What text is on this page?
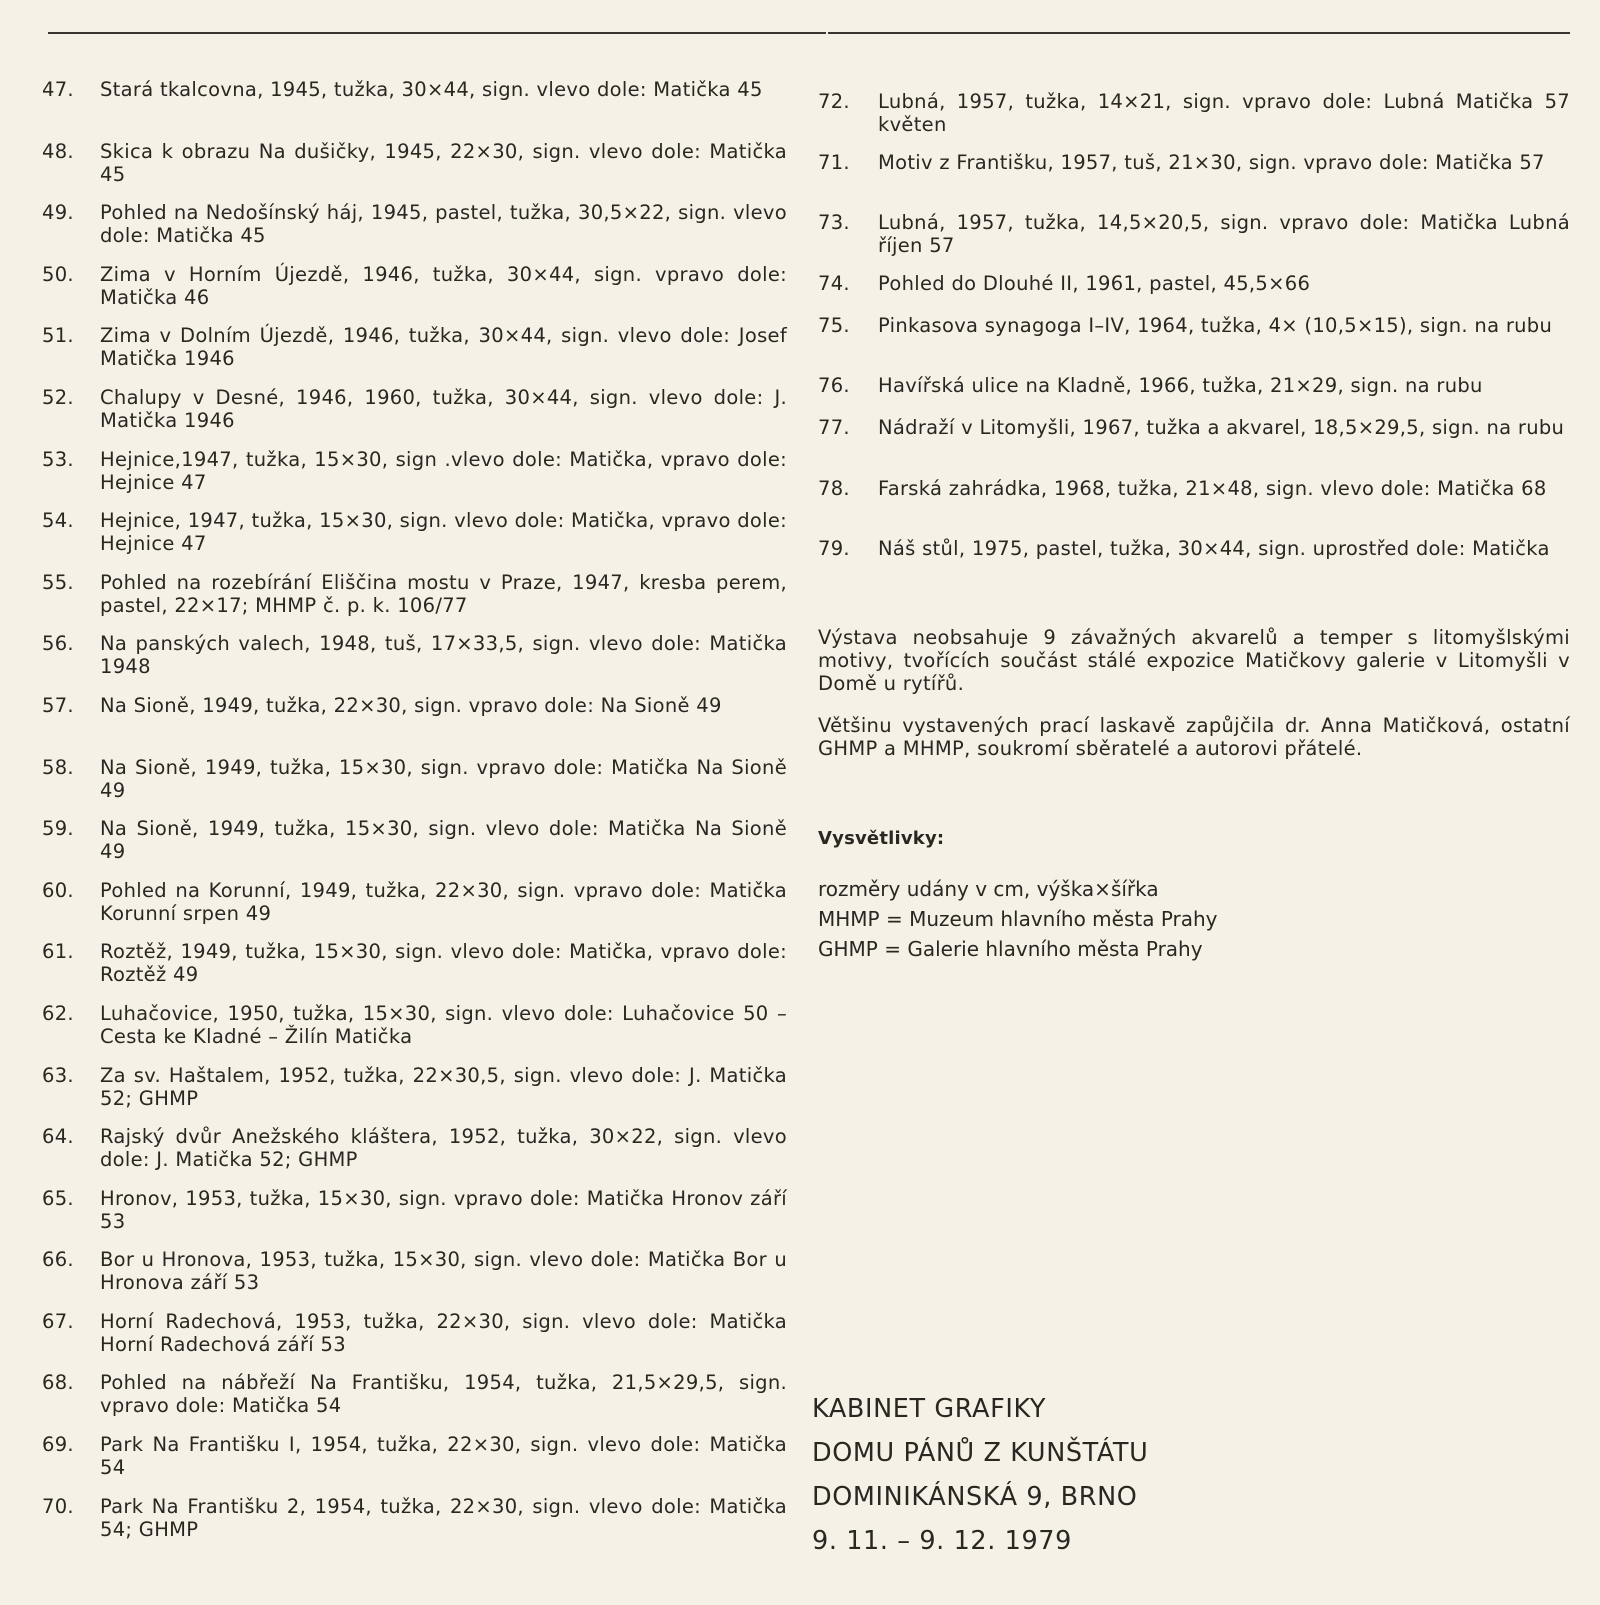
47.	Stará tkalcovna, 1945, tužka, 30×44, sign. vlevo dole: Matička 45
48.	Skica k obrazu Na dušičky, 1945, 22×30, sign. vlevo dole: Matička 45
49.	Pohled na Nedošínský háj, 1945, pastel, tužka, 30,5×22, sign. vlevo dole: Matička 45
50.	Zima v Horním Újezdě, 1946, tužka, 30×44, sign. vpravo dole: Matička 46
51.	Zima v Dolním Újezdě, 1946, tužka, 30×44, sign. vlevo dole: Josef Matička 1946
52.	Chalupy v Desné, 1946, 1960, tužka, 30×44, sign. vlevo dole: J. Matička 1946
53.	Hejnice,1947, tužka, 15×30, sign .vlevo dole: Matička, vpravo dole: Hejnice 47
54.	Hejnice, 1947, tužka, 15×30, sign. vlevo dole: Matička, vpravo dole: Hejnice 47
55.	Pohled na rozebírání Eliščina mostu v Praze, 1947, kresba perem, pastel, 22×17; MHMP č. p. k. 106/77
56.	Na panských valech, 1948, tuš, 17×33,5, sign. vlevo dole: Matička 1948
57.	Na Sioně, 1949, tužka, 22×30, sign. vpravo dole: Na Sioně 49
58.	Na Sioně, 1949, tužka, 15×30, sign. vpravo dole: Matička Na Sioně 49
59.	Na Sioně, 1949, tužka, 15×30, sign. vlevo dole: Matička Na Sioně 49
60.	Pohled na Korunní, 1949, tužka, 22×30, sign. vpravo dole: Matička Korunní srpen 49
61.	Roztěž, 1949, tužka, 15×30, sign. vlevo dole: Matička, vpravo dole: Roztěž 49
62.	Luhačovice, 1950, tužka, 15×30, sign. vlevo dole: Luhačovice 50 – Cesta ke Kladné – Žilín Matička
63.	Za sv. Haštalem, 1952, tužka, 22×30,5, sign. vlevo dole: J. Matička 52; GHMP
64.	Rajský dvůr Anežského kláštera, 1952, tužka, 30×22, sign. vlevo dole: J. Matička 52; GHMP
65.	Hronov, 1953, tužka, 15×30, sign. vpravo dole: Matička Hronov září 53
66.	Bor u Hronova, 1953, tužka, 15×30, sign. vlevo dole: Matička Bor u Hronova září 53
67.	Horní Radechová, 1953, tužka, 22×30, sign. vlevo dole: Matička Horní Radechová září 53
68.	Pohled na nábřeží Na Františku, 1954, tužka, 21,5×29,5, sign. vpravo dole: Matička 54
69.	Park Na Františku I, 1954, tužka, 22×30, sign. vlevo dole: Matička 54
70.	Park Na Františku 2, 1954, tužka, 22×30, sign. vlevo dole: Matička 54; GHMP
72.	Lubná, 1957, tužka, 14×21, sign. vpravo dole: Lubná Matička 57 květen
71.	Motiv z Františku, 1957, tuš, 21×30, sign. vpravo dole: Matička 57
73.	Lubná, 1957, tužka, 14,5×20,5, sign. vpravo dole: Matička Lubná říjen 57
74.	Pohled do Dlouhé II, 1961, pastel, 45,5×66
75.	Pinkasova synagoga I–IV, 1964, tužka, 4× (10,5×15), sign. na rubu
76.	Havířská ulice na Kladně, 1966, tužka, 21×29, sign. na rubu
77.	Nádraží v Litomyšli, 1967, tužka a akvarel, 18,5×29,5, sign. na rubu
78.	Farská zahrádka, 1968, tužka, 21×48, sign. vlevo dole: Matička 68
79.	Náš stůl, 1975, pastel, tužka, 30×44, sign. uprostřed dole: Matička
Výstava neobsahuje 9 závažných akvarelů a temper s litomyšlskými motivy, tvořících součást stálé expozice Matičkovy galerie v Litomyšli v Domě u rytířů.
Většinu vystavených prací laskavě zapůjčila dr. Anna Matičková, ostatní GHMP a MHMP, soukromí sběratelé a autorovi přátelé.
Vysvětlivky:
rozměry udány v cm, výška×šířka
MHMP = Muzeum hlavního města Prahy
GHMP = Galerie hlavního města Prahy
KABINET GRAFIKY
DOMU PÁNŮ Z KUNŠTÁTU
DOMINIKÁNSKÁ 9, BRNO
9. 11. – 9. 12. 1979
